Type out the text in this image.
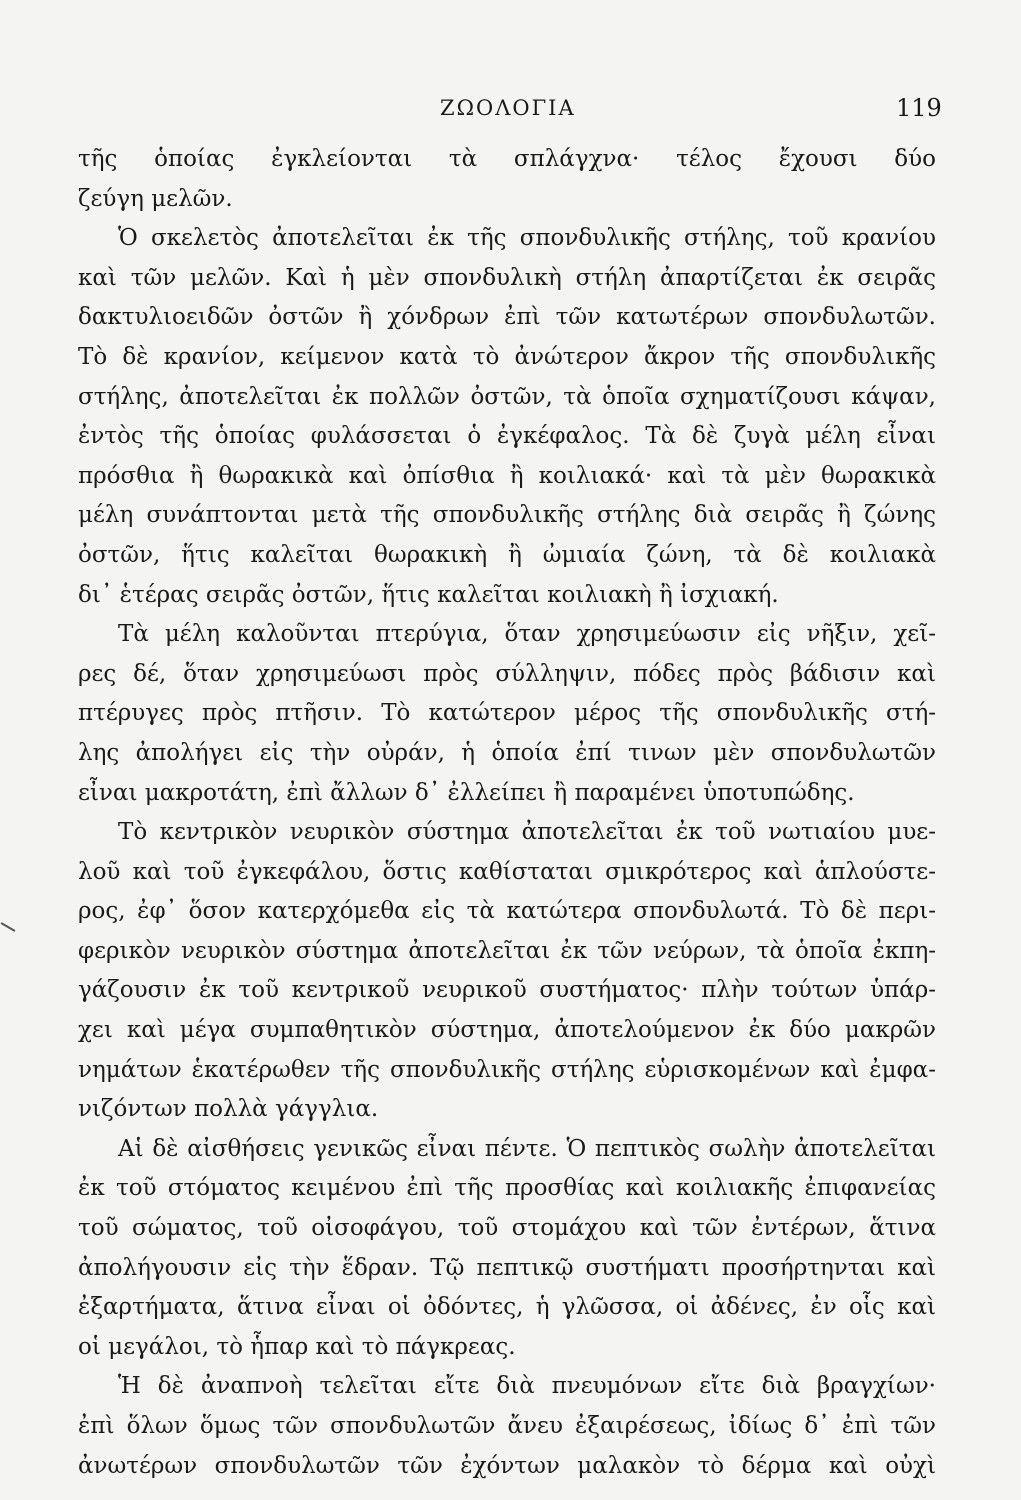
ΖΩΟΛΟΓΙΑ	119
τῆς ὁποίας ἐγκλείονται τὰ σπλάγχνα· τέλος ἔχουσι δύο
ζεύγη μελῶν.
Ὁ σκελετὸς ἀποτελεῖται ἐκ τῆς σπονδυλικῆς στήλης, τοῦ κρανίου
καὶ τῶν μελῶν. Καὶ ἡ μὲν σπονδυλικὴ στήλη ἀπαρτίζεται ἐκ σειρᾶς
δακτυλιοειδῶν ὀστῶν ἢ χόνδρων ἐπὶ τῶν κατωτέρων σπονδυλωτῶν.
Τὸ δὲ κρανίον, κείμενον κατὰ τὸ ἀνώτερον ἄκρον τῆς σπονδυλικῆς
στήλης, ἀποτελεῖται ἐκ πολλῶν ὀστῶν, τὰ ὁποῖα σχηματίζουσι κάψαν,
ἐντὸς τῆς ὁποίας φυλάσσεται ὁ ἐγκέφαλος. Τὰ δὲ ζυγὰ μέλη εἶναι
πρόσθια ἢ θωρακικὰ καὶ ὀπίσθια ἢ κοιλιακά· καὶ τὰ μὲν θωρακικὰ
μέλη συνάπτονται μετὰ τῆς σπονδυλικῆς στήλης διὰ σειρᾶς ἢ ζώνης
ὀστῶν, ἥτις καλεῖται θωρακικὴ ἢ ὠμιαία ζώνη, τὰ δὲ κοιλιακὰ
δι᾿ ἑτέρας σειρᾶς ὀστῶν, ἥτις καλεῖται κοιλιακὴ ἢ ἰσχιακή.
Τὰ μέλη καλοῦνται πτερύγια, ὅταν χρησιμεύωσιν εἰς νῆξιν, χεῖ-
ρες δέ, ὅταν χρησιμεύωσι πρὸς σύλληψιν, πόδες πρὸς βάδισιν καὶ
πτέρυγες πρὸς πτῆσιν. Τὸ κατώτερον μέρος τῆς σπονδυλικῆς στή-
λης ἀπολήγει εἰς τὴν οὐράν, ἡ ὁποία ἐπί τινων μὲν σπονδυλωτῶν
εἶναι μακροτάτη, ἐπὶ ἄλλων δ᾿ ἐλλείπει ἢ παραμένει ὑποτυπώδης.
Τὸ κεντρικὸν νευρικὸν σύστημα ἀποτελεῖται ἐκ τοῦ νωτιαίου μυε-
λοῦ καὶ τοῦ ἐγκεφάλου, ὅστις καθίσταται σμικρότερος καὶ ἁπλούστε-
ρος, ἐφ᾿ ὅσον κατερχόμεθα εἰς τὰ κατώτερα σπονδυλωτά. Τὸ δὲ περι-
φερικὸν νευρικὸν σύστημα ἀποτελεῖται ἐκ τῶν νεύρων, τὰ ὁποῖα ἐκπη-
γάζουσιν ἐκ τοῦ κεντρικοῦ νευρικοῦ συστήματος· πλὴν τούτων ὑπάρ-
χει καὶ μέγα συμπαθητικὸν σύστημα, ἀποτελούμενον ἐκ δύο μακρῶν
νημάτων ἑκατέρωθεν τῆς σπονδυλικῆς στήλης εὑρισκομένων καὶ ἐμφα-
νιζόντων πολλὰ γάγγλια.
Αἱ δὲ αἰσθήσεις γενικῶς εἶναι πέντε. Ὁ πεπτικὸς σωλὴν ἀποτελεῖται
ἐκ τοῦ στόματος κειμένου ἐπὶ τῆς προσθίας καὶ κοιλιακῆς ἐπιφανείας
τοῦ σώματος, τοῦ οἰσοφάγου, τοῦ στομάχου καὶ τῶν ἐντέρων, ἅτινα
ἀπολήγουσιν εἰς τὴν ἕδραν. Τῷ πεπτικῷ συστήματι προσήρτηνται καὶ
ἐξαρτήματα, ἅτινα εἶναι οἱ ὀδόντες, ἡ γλῶσσα, οἱ ἀδένες, ἐν οἷς καὶ
οἱ μεγάλοι, τὸ ἧπαρ καὶ τὸ πάγκρεας.
Ἡ δὲ ἀναπνοὴ τελεῖται εἴτε διὰ πνευμόνων εἴτε διὰ βραγχίων·
ἐπὶ ὅλων ὅμως τῶν σπονδυλωτῶν ἄνευ ἐξαιρέσεως, ἰδίως δ᾿ ἐπὶ τῶν
ἀνωτέρων σπονδυλωτῶν τῶν ἐχόντων μαλακὸν τὸ δέρμα καὶ οὐχὶ
